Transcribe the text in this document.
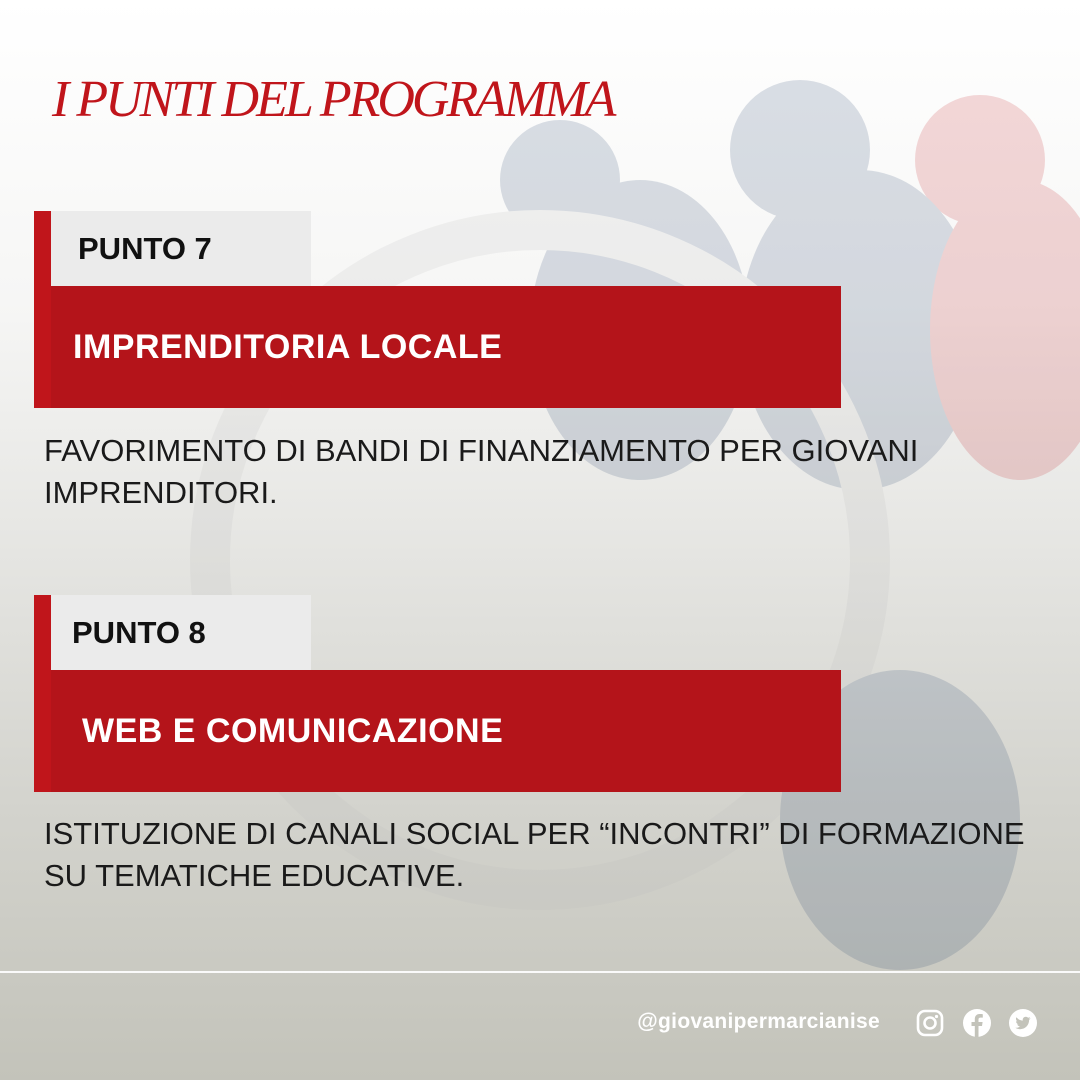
I PUNTI DEL PROGRAMMA
PUNTO 7
IMPRENDITORIA LOCALE
FAVORIMENTO DI BANDI DI FINANZIAMENTO PER GIOVANI IMPRENDITORI.
PUNTO 8
WEB E COMUNICAZIONE
ISTITUZIONE DI CANALI SOCIAL PER “INCONTRI” DI FORMAZIONE SU TEMATICHE EDUCATIVE.
@giovanipermarcianise
